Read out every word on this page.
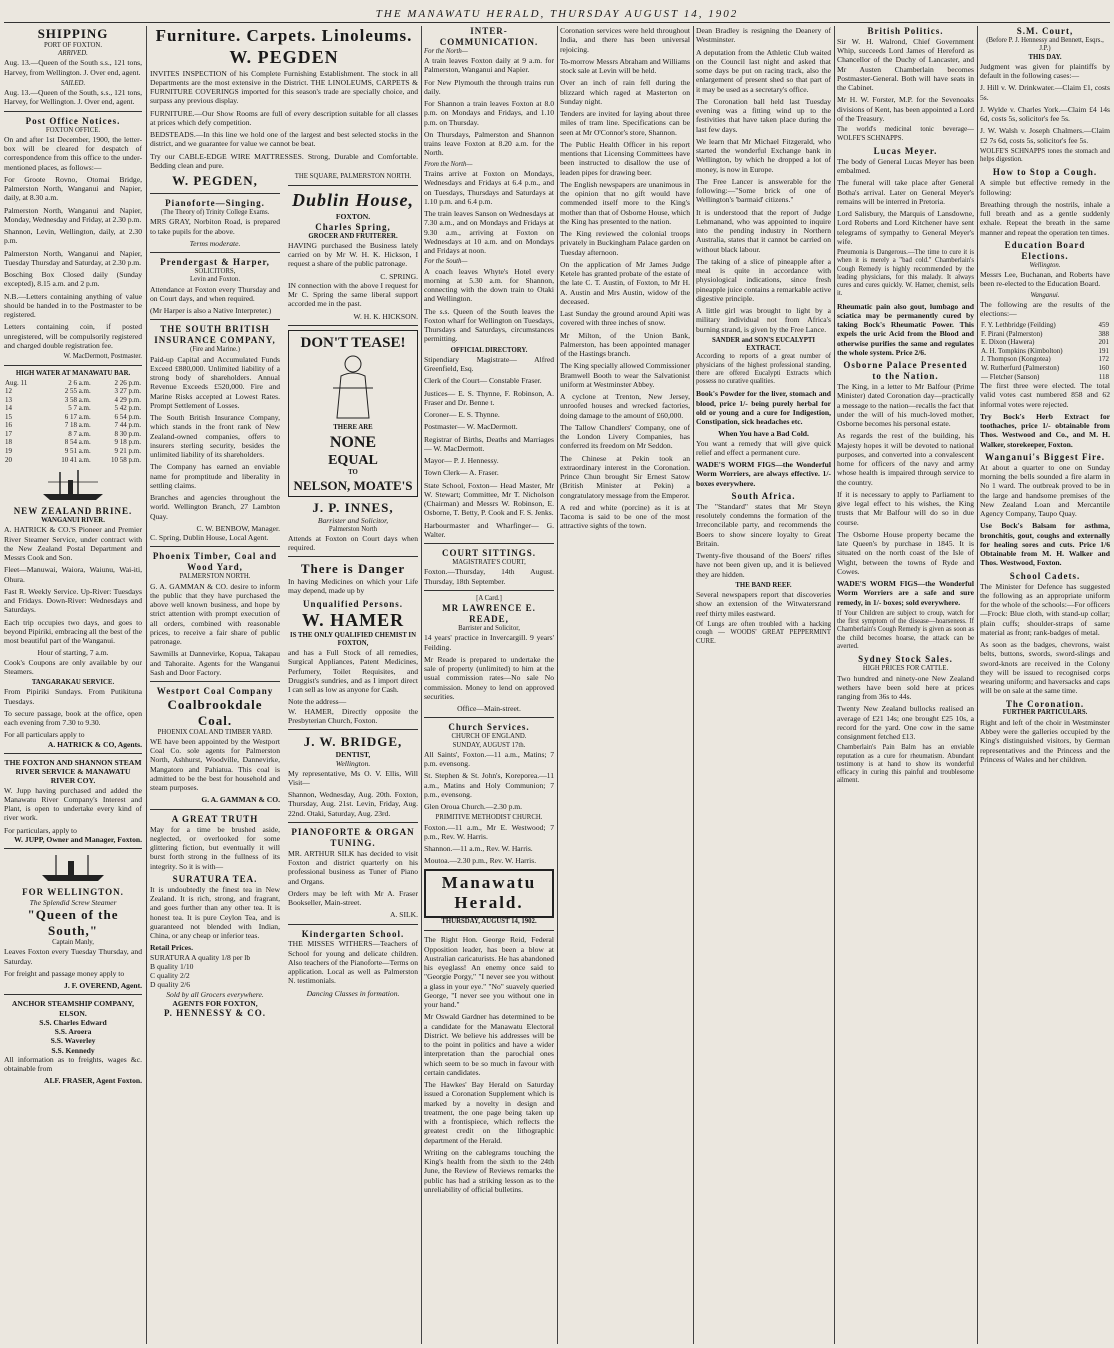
THE MANAWATU HERALD, THURSDAY AUGUST 14, 1902
SHIPPING
PORT OF FOXTON.
ARRIVED.

Aug. 13.—Queen of the South s.s., 121 tons, Harvey, from Wellington. J. Over end, agent.

SAILED.

Aug. 13.—Queen of the South, s.s., 121 tons, Harvey, for Wellington. J. Over end, agent.

Post Office Notices.
FOXTON OFFICE.

On and after 1st December, 1900, the letter-box will be cleared for despatch of correspondence from this office to the under-mentioned places, as follows:—

For Groote Rovno, Otomai Bridge, Palmerston North, Wanganui and Napier, daily, at 8.30 a.m.

Palmerston North, Wanganui and Napier, Monday, Wednesday and Friday, at 2.30 p.m.

Shannon, Levin, Wellington, daily, at 2.30 p.m.

Palmerston North, Wanganui and Napier, Tuesday Thursday and Saturday, at 2.30 p.m.

Bosching Box Closed daily (Sunday excepted), 8.15 a.m. and 2 p.m.

N.B.—Letters containing anything of value should be handed in to the Postmaster to be registered.

Letters containing coin, if posted unregistered, will be compulsorily registered and charged double registration fee.

W. MacDermott, Postmaster.
HIGH WATER AT MANAWATU BAR.
Aug. 11	2 6 a.m.	2 26 p.m.
12	2 55 a.m.	3 27 p.m.
13	3 58 a.m.	4 29 p.m.
14	5 7 a.m.	5 42 p.m.
15	6 17 a.m.	6 54 p.m.
16	7 18 a.m.	7 44 p.m.
17	8 7 a.m.	8 30 p.m.
18	8 54 a.m.	9 18 p.m.
19	9 51 a.m.	9 21 p.m.
20	10 41 a.m.	10 58 p.m.
NEW ZEALAND BRINE.
WANGANUI RIVER.

A. HATRICK & CO.'S Pioneer and Premier River Steamer Service, under contract with the New Zealand Postal Department and Messrs Cook and Son.

Fleet—Manuwai, Waiora, Waiunu, Wai-iti, Ohura.

Fast R. Weekly Service. Up-River: Tuesdays and Fridays. Down-River: Wednesdays and Saturdays.

Each trip occupies two days, and goes to beyond Pipiriki, embracing all the best of the most beautiful part of the Wanganui.

Hour of starting, 7 a.m.

Cook's Coupons are only available by our Steamers.

TANGARAKAU SERVICE.

From Pipiriki Sundays. From Putikituna Tuesdays.

To secure passage, book at the office, open each evening from 7.30 to 9.30.

For all particulars apply to
A. HATRICK & CO, Agents.
THE FOXTON AND SHANNON STEAM RIVER SERVICE & MANAWATU RIVER COY.

W. Jupp having purchased and added the Manawatu River Company's Interest and Plant, is open to undertake every kind of river work.

For particulars, apply to
W. JUPP, Owner and Manager, Foxton.
FOR WELLINGTON.
The Splendid Screw Steamer
"Queen of the South,"
Captain Manly,

Leaves Foxton every Tuesday Thursday, and Saturday.

For freight and passage money apply to

J. F. OVEREND, Agent.
ANCHOR STEAMSHIP COMPANY,
ELSON.
S.S. Charles Edward
S.S. Aroera
S.S. Waverley
S.S. Kennedy

All information as to freights, wages &c. obtainable from

ALF. FRASER, Agent Foxton.
Furniture. Carpets. Linoleums.
W. PEGDEN

INVITES INSPECTION of his Complete Furnishing Establishment. The stock in all Departments are the most extensive in the District. THE LINOLEUMS, CARPETS & FURNITURE COVERINGS imported for this season's trade are specially choice, and surpass any previous display.

FURNITURE.—Our Show Rooms are full of every description suitable for all classes at prices which defy competition.

BEDSTEADS.—In this line we hold one of the largest and best selected stocks in the district, and we guarantee for value we cannot be beat.

Try our CABLE-EDGE WIRE MATTRESSES. Strong, Durable and Comfortable. Bedding clean and pure.

W. PEGDEN,
Pianoforte—Singing.
(The Theory of) Trinity College Exams.

MRS GRAY, Norbiton Road, is prepared to take pupils for the above.

Terms moderate.
Prendergast & Harper,
SOLICITORS,
Levin and Foxton.

Attendance at Foxton every Thursday and on Court days, and when required.

(Mr Harper is also a Native Interpreter.)

THE SOUTH BRITISH INSURANCE COMPANY,
(Fire and Marine.)

Paid-up Capital and Accumulated Funds Exceed £880,000. Unlimited liability of a strong body of shareholders. Annual Revenue Exceeds £520,000. Fire and Marine Risks accepted at Lowest Rates. Prompt Settlement of Losses.

The South British Insurance Company, which stands in the front rank of New Zealand-owned companies, offers to insurers sterling security, besides the unlimited liability of its shareholders.

The Company has earned an enviable name for promptitude and liberality in settling claims.

Branches and agencies throughout the world. Wellington Branch, 27 Lambton Quay.

C. W. BENBOW, Manager.
C. Spring, Dublin House, Local Agent.
Phoenix Timber, Coal and Wood Yard,
PALMERSTON NORTH.

G. A. GAMMAN & CO. desire to inform the public that they have purchased the above well known business, and hope by strict attention with prompt execution of all orders, combined with reasonable prices, to receive a fair share of public patronage.

Sawmills at Dannevirke, Kopua, Takapau and Tahoraite. Agents for the Wanganui Sash and Door Factory.

Westport Coal Company
Coalbrookdale Coal.
PHOENIX COAL AND TIMBER YARD.

WE have been appointed by the Westport Coal Co. sole agents for Palmerston North, Ashhurst, Woodville, Dannevirke, Mangatoro and Pahiatua. This coal is admitted to be the best for household and steam purposes.

G. A. GAMMAN & CO.
A GREAT TRUTH

May for a time be brushed aside, neglected, or overlooked for some glittering fiction, but eventually it will burst forth strong in the fullness of its integrity. So it is with—

SURATURA TEA.

It is undoubtedly the finest tea in New Zealand. It is rich, strong, and fragrant, and goes further than any other tea. It is honest tea. It is pure Ceylon Tea, and is guaranteed not blended with Indian, China, or any cheap or inferior teas.

Retail Prices.
SURATURA A quality 1/8 per lb
B quality 1/10
C quality 2/2
D quality 2/6
Sold by all Grocers everywhere.
AGENTS FOR FOXTON,
P. HENNESSY & CO.
THE SQUARE, PALMERSTON NORTH.
Dublin House,
FOXTON.
Charles Spring,
GROCER AND FRUITERER.

HAVING purchased the Business lately carried on by Mr W. H. K. Hickson, I request a share of the public patronage.

C. SPRING.

IN connection with the above I request for Mr C. Spring the same liberal support accorded me in the past.

W. H. K. HICKSON.
DON'T TEASE!
THERE ARE
NONE
EQUAL
TO
NELSON, MOATE'S
J. P. INNES,
Barrister and Solicitor,
Palmerston North

Attends at Foxton on Court days when required.

There is Danger

In having Medicines on which your Life may depend, made up by

Unqualified Persons.
W. HAMER
IS THE ONLY QUALIFIED CHEMIST IN FOXTON,

and has a Full Stock of all remedies, Surgical Appliances, Patent Medicines, Perfumery, Toilet Requisites, and Druggist's sundries, and as I import direct I can sell as low as anyone for Cash.

Note the address—

W. HAMER, Directly opposite the Presbyterian Church, Foxton.

J. W. BRIDGE,
DENTIST,
Wellington.

My representative, Ms O. V. Ellis, Will Visit—

Shannon, Wednesday, Aug. 20th. Foxton, Thursday, Aug. 21st. Levin, Friday, Aug. 22nd. Otaki, Saturday, Aug. 23rd.

PIANOFORTE & ORGAN TUNING.

MR. ARTHUR SILK has decided to visit Foxton and district quarterly on his professional business as Tuner of Piano and Organs.

Orders may be left with Mr A. Fraser Bookseller, Main-street.

A. SILK.
Kindergarten School.

THE MISSES WITHERS—Teachers of School for young and delicate children. Also teachers of the Pianoforte—Terms on application. Local as well as Palmerston N. testimonials.

Dancing Classes in formation.
INTER-COMMUNICATION.
For the North—

A train leaves Foxton daily at 9 a.m. for Palmerston, Wanganui and Napier.

For New Plymouth the through trains run daily.

For Shannon a train leaves Foxton at 8.0 p.m. on Mondays and Fridays, and 1.10 p.m. on Thursday.

On Thursdays, Palmerston and Shannon trains leave Foxton at 8.20 a.m. for the North.

From the North—

Trains arrive at Foxton on Mondays, Wednesdays and Fridays at 6.4 p.m., and on Tuesdays, Thursdays and Saturdays at 1.10 p.m. and 6.4 p.m.

The train leaves Sanson on Wednesdays at 7.30 a.m., and on Mondays and Fridays at 9.30 a.m., arriving at Foxton on Wednesdays at 10 a.m. and on Mondays and Fridays at noon.

For the South—

A coach leaves Whyte's Hotel every morning at 5.30 a.m. for Shannon, connecting with the down train to Otaki and Wellington.

The s.s. Queen of the South leaves the Foxton wharf for Wellington on Tuesdays, Thursdays and Saturdays, circumstances permitting.

OFFICIAL DIRECTORY.

Stipendiary Magistrate— Alfred Greenfield, Esq.

Clerk of the Court— Constable Fraser.

Justices— E. S. Thynne, F. Robinson, A. Fraser and Dr. Benne t.

Coroner— E. S. Thynne.

Postmaster— W. MacDermott.

Registrar of Births, Deaths and Marriages— W. MacDermott.

Mayor— P. J. Hennessy.

Town Clerk— A. Fraser.

State School, Foxton— Head Master, Mr W. Stewart; Committee, Mr T. Nicholson (Chairman) and Messrs W. Robinson, E. Osborne, T. Betty, P. Cook and F. S. Jenks.

Harbourmaster and Wharfinger— G. Walter.

COURT SITTINGS.
MAGISTRATE'S COURT,

Foxton.—Thursday, 14th August. Thursday, 18th September.

[A Card.]
MR LAWRENCE E. READE,
Barrister and Solicitor,

14 years' practice in Invercargill. 9 years' Feilding.

Mr Reade is prepared to undertake the sale of property (unlimited) to him at the usual commission rates—No sale No commission. Money to lend on approved securities.

Office—Main-street.
Church Services.
CHURCH OF ENGLAND.
SUNDAY, AUGUST 17th.

All Saints', Foxton.—11 a.m., Matins; 7 p.m. evensong.

St. Stephen & St. John's, Koreporea.—11 a.m., Matins and Holy Communion; 7 p.m., evensong.

Glen Oroua Church.—2.30 p.m.

PRIMITIVE METHODIST CHURCH.

Foxton.—11 a.m., Mr E. Westwood; 7 p.m., Rev. W. Harris.

Shannon.—11 a.m., Rev. W. Harris.

Moutoa.—2.30 p.m., Rev. W. Harris.

Manawatu Herald.
THURSDAY, AUGUST 14, 1902.

The Right Hon. George Reid, Federal Opposition leader, has been a blow at Australian caricaturists. He has abandoned his eyeglass! An enemy once said to "Georgie Porgy," "I never see you without a glass in your eye." "No" suavely queried George, "I never see you without one in your hand."

Mr Oswald Gardner has determined to be a candidate for the Manawatu Electoral District. We believe his addresses will be to the point in politics and have a wider interpretation than the parochial ones which seem to be so much in favour with certain candidates.

The Hawkes' Bay Herald on Saturday issued a Coronation Supplement which is marked by a novelty in design and treatment, the one page being taken up with a frontispiece, which reflects the greatest credit on the lithographic department of the Herald.

Writing on the cablegrams touching the King's health from the sixth to the 24th June, the Review of Reviews remarks the public has had a striking lesson as to the unreliability of official bulletins.

Coronation services were held throughout India, and there has been universal rejoicing.

To-morrow Messrs Abraham and Williams stock sale at Levin will be held.

Over an inch of rain fell during the blizzard which raged at Masterton on Sunday night.

Tenders are invited for laying about three miles of tram line. Specifications can be seen at Mr O'Connor's store, Shannon.

The Public Health Officer in his report mentions that Licensing Committees have been instructed to disallow the use of leaden pipes for drawing beer.

The English newspapers are unanimous in the opinion that no gift would have commended itself more to the King's mother than that of Osborne House, which the King has presented to the nation.

The King reviewed the colonial troops privately in Buckingham Palace garden on Tuesday afternoon.

On the application of Mr James Judge Ketele has granted probate of the estate of the late C. T. Austin, of Foxton, to Mr H. A. Austin and Mrs Austin, widow of the deceased.

Last Sunday the ground around Apiti was covered with three inches of snow.

Mr Milton, of the Union Bank, Palmerston, has been appointed manager of the Hastings branch.

The King specially allowed Commissioner Bramwell Booth to wear the Salvationist uniform at Westminster Abbey.

A cyclone at Trenton, New Jersey, unroofed houses and wrecked factories, doing damage to the amount of £60,000.

The Tallow Chandlers' Company, one of the London Livery Companies, has conferred its freedom on Mr Seddon.

The Chinese at Pekin took an extraordinary interest in the Coronation. Prince Chun brought Sir Ernest Satow (British Minister at Pekin) a congratulatory message from the Emperor.

A red and white (porcine) as it is at Tacoma is said to be one of the most attractive sights of the town.

Dean Bradley is resigning the Deanery of Westminster.

A deputation from the Athletic Club waited on the Council last night and asked that some days be put on racing track, also the enlargement of present shed so that part of it may be used as a secretary's office.

The Coronation ball held last Tuesday evening was a fitting wind up to the festivities that have taken place during the last few days.

We learn that Mr Michael Fitzgerald, who started the wonderful Exchange bank in Wellington, by which he dropped a lot of money, is now in Europe.

The Free Lancer is answerable for the following:—"Some brick of one of Wellington's 'barmaid' citizens."

It is understood that the report of Judge Lehmanand, who was appointed to inquire into the pending industry in Northern Australia, states that it cannot be carried on without black labour.

The taking of a slice of pineapple after a meal is quite in accordance with physiological indications, since fresh pineapple juice contains a remarkable active digestive principle.

A little girl was brought to light by a military individual not from Africa's burning strand, is given by the Free Lance.

SANDER and SON'S EUCALYPTI EXTRACT.

According to reports of a great number of physicians of the highest professional standing, there are offered Eucalypti Extracts which possess no curative qualities.

Book's Powder for the liver, stomach and blood, price 1/- being purely herbal for old or young and a cure for Indigestion, Constipation, sick headaches etc.

When You have a Bad Cold.

You want a remedy that will give quick relief and effect a permanent cure.

WADE'S WORM FIGS—the Wonderful Worm Worriers, are always effective. 1/- boxes everywhere.

South Africa.

The "Standard" states that Mr Steyn resolutely condemns the formation of the Irreconcilable party, and recommends the Boers to show sincere loyalty to Great Britain.

Twenty-five thousand of the Boers' rifles have not been given up, and it is believed they are hidden.

THE BAND REEF.

Several newspapers report that discoveries show an extension of the Witwatersrand reef thirty miles eastward.

Of Lungs are often troubled with a hacking cough — WOODS' GREAT PEPPERMINT CURE.

British Politics.

Sir W. H. Walrond, Chief Government Whip, succeeds Lord James of Hereford as Chancellor of the Duchy of Lancaster, and Mr Austen Chamberlain becomes Postmaster-General. Both will have seats in the Cabinet.

Mr H. W. Forster, M.P. for the Sevenoaks divisions of Kent, has been appointed a Lord of the Treasury.

The world's medicinal tonic beverage—WOLFE'S SCHNAPPS.

Lucas Meyer.

The body of General Lucas Meyer has been embalmed.

The funeral will take place after General Botha's arrival. Later on General Meyer's remains will be interred in Pretoria.

Lord Salisbury, the Marquis of Lansdowne, Lord Roberts and Lord Kitchener have sent telegrams of sympathy to General Meyer's wife.

Pneumonia is Dangerous.—The time to cure it is when it is merely a "bad cold." Chamberlain's Cough Remedy is highly recommended by the leading physicians, for this malady. It always cures and cures quickly. W. Hamer, chemist, sells it.

Rheumatic pain also gout, lumbago and sciatica may be permanently cured by taking Bock's Rheumatic Power. This expels the uric Acid from the Blood and otherwise purifies the same and regulates the whole system. Price 2/6.

Osborne Palace Presented to the Nation.

The King, in a letter to Mr Balfour (Prime Minister) dated Coronation day—practically a message to the nation—recalls the fact that under the will of his much-loved mother, Osborne becomes his personal estate.

As regards the rest of the building, his Majesty hopes it will be devoted to national purposes, and converted into a convalescent home for officers of the navy and army whose health is impaired through service to the country.

If it is necessary to apply to Parliament to give legal effect to his wishes, the King trusts that Mr Balfour will do so in due course.

The Osborne House property became the late Queen's by purchase in 1845. It is situated on the north coast of the Isle of Wight, between the towns of Ryde and Cowes.

WADE'S WORM FIGS—the Wonderful Worm Worriers are a safe and sure remedy, in 1/- boxes; sold everywhere.

If Your Children are subject to croup, watch for the first symptom of the disease—hoarseness. If Chamberlain's Cough Remedy is given as soon as the child becomes hoarse, the attack can be averted.

Sydney Stock Sales.
HIGH PRICES FOR CATTLE.

Two hundred and ninety-one New Zealand wethers have been sold here at prices ranging from 36s to 44s.

Twenty New Zealand bullocks realised an average of £21 14s; one brought £25 10s, a record for the yard. One cow in the same consignment fetched £13.

Chamberlain's Pain Balm has an enviable reputation as a cure for rheumatism. Abundant testimony is at hand to show its wonderful efficacy in curing this painful and troublesome ailment.

S.M. Court,
(Before P. J. Hennessy and Bennett, Esqrs., J.P.)
THIS DAY.

Judgment was given for plaintiffs by default in the following cases:—

J. Hill v. W. Drinkwater.—Claim £1, costs 5s.

J. Wylde v. Charles York.—Claim £4 14s 6d, costs 5s, solicitor's fee 5s.

J. W. Walsh v. Joseph Chalmers.—Claim £2 7s 6d, costs 5s, solicitor's fee 5s.

WOLFE'S SCHNAPPS tones the stomach and helps digestion.

How to Stop a Cough.

A simple but effective remedy in the following:

Breathing through the nostrils, inhale a full breath and as a gentle suddenly exhale. Repeat the breath in the same manner and repeat the operation ten times.

Education Board Elections.
Wellington.

Messrs Lee, Buchanan, and Roberts have been re-elected to the Education Board.

Wanganui.

The following are the results of the elections:—

F. Y. Lethbridge (Feilding)	459
F. Pirani (Palmerston)	388
E. Dixon (Hawera)	201
A. H. Tompkins (Kimbolton)	191
J. Thompson (Kongotea)	172
W. Rutherfurd (Palmerston)	160
— Fletcher (Sanson)	118

The first three were elected. The total valid votes cast numbered 858 and 62 informal votes were rejected.

Try Bock's Herb Extract for toothaches, price 1/- obtainable from Thos. Westwood and Co., and M. H. Walker, storekeeper, Foxton.

Wanganui's Biggest Fire.

At about a quarter to one on Sunday morning the bells sounded a fire alarm in No 1 ward. The outbreak proved to be in the large and handsome premises of the New Zealand Loan and Mercantile Agency Company, Taupo Quay.

Use Bock's Balsam for asthma, bronchitis, gout, coughs and externally for healing sores and cuts. Price 1/6 Obtainable from M. H. Walker and Thos. Westwood, Foxton.

School Cadets.

The Minister for Defence has suggested the following as an appropriate uniform for the whole of the schools:—For officers—Frock: Blue cloth, with stand-up collar; plain cuffs; shoulder-straps of same material as front; rank-badges of metal.

As soon as the badges, chevrons, waist belts, buttons, swords, sword-slings and sword-knots are received in the Colony they will be issued to recognised corps wearing uniform; and haversacks and caps will be on sale at the same time.

The Coronation.
FURTHER PARTICULARS.

Right and left of the choir in Westminster Abbey were the galleries occupied by the King's distinguished visitors, by German representatives and the Princess and the Princess of Wales and her children.
